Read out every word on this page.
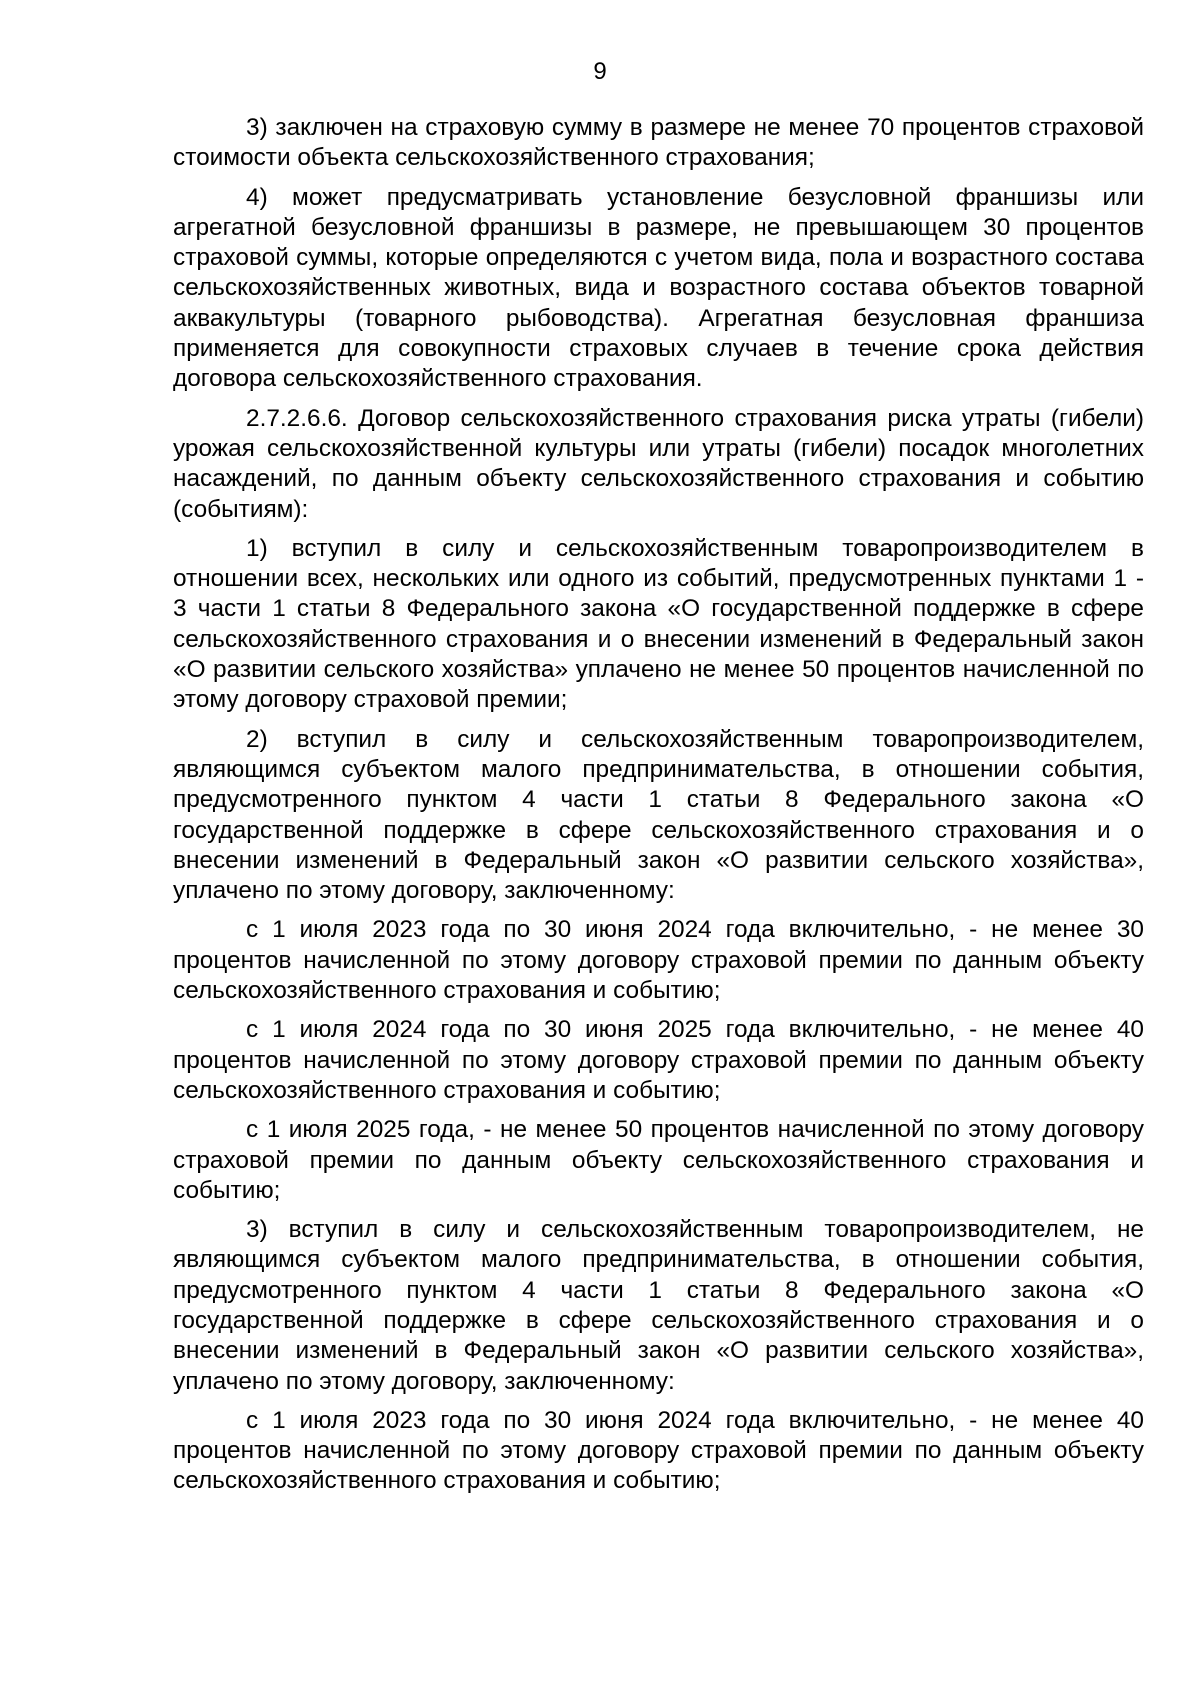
9

3) заключен на страховую сумму в размере не менее 70 процентов страховой стоимости объекта сельскохозяйственного страхования;

4) может предусматривать установление безусловной франшизы или агрегатной безусловной франшизы в размере, не превышающем 30 процентов страховой суммы, которые определяются с учетом вида, пола и возрастного состава сельскохозяйственных животных, вида и возрастного состава объектов товарной аквакультуры (товарного рыбоводства). Агрегатная безусловная франшиза применяется для совокупности страховых случаев в течение срока действия договора сельскохозяйственного страхования.

2.7.2.6.6. Договор сельскохозяйственного страхования риска утраты (гибели) урожая сельскохозяйственной культуры или утраты (гибели) посадок многолетних насаждений, по данным объекту сельскохозяйственного страхования и событию (событиям):

1) вступил в силу и сельскохозяйственным товаропроизводителем в отношении всех, нескольких или одного из событий, предусмотренных пунктами 1 - 3 части 1 статьи 8 Федерального закона «О государственной поддержке в сфере сельскохозяйственного страхования и о внесении изменений в Федеральный закон «О развитии сельского хозяйства» уплачено не менее 50 процентов начисленной по этому договору страховой премии;

2) вступил в силу и сельскохозяйственным товаропроизводителем, являющимся субъектом малого предпринимательства, в отношении события, предусмотренного пунктом 4 части 1 статьи 8 Федерального закона «О государственной поддержке в сфере сельскохозяйственного страхования и о внесении изменений в Федеральный закон «О развитии сельского хозяйства», уплачено по этому договору, заключенному:

с 1 июля 2023 года по 30 июня 2024 года включительно, - не менее 30 процентов начисленной по этому договору страховой премии по данным объекту сельскохозяйственного страхования и событию;

с 1 июля 2024 года по 30 июня 2025 года включительно, - не менее 40 процентов начисленной по этому договору страховой премии по данным объекту сельскохозяйственного страхования и событию;

с 1 июля 2025 года, - не менее 50 процентов начисленной по этому договору страховой премии по данным объекту сельскохозяйственного страхования и событию;

3) вступил в силу и сельскохозяйственным товаропроизводителем, не являющимся субъектом малого предпринимательства, в отношении события, предусмотренного пунктом 4 части 1 статьи 8 Федерального закона «О государственной поддержке в сфере сельскохозяйственного страхования и о внесении изменений в Федеральный закон «О развитии сельского хозяйства», уплачено по этому договору, заключенному:

с 1 июля 2023 года по 30 июня 2024 года включительно, - не менее 40 процентов начисленной по этому договору страховой премии по данным объекту сельскохозяйственного страхования и событию;
